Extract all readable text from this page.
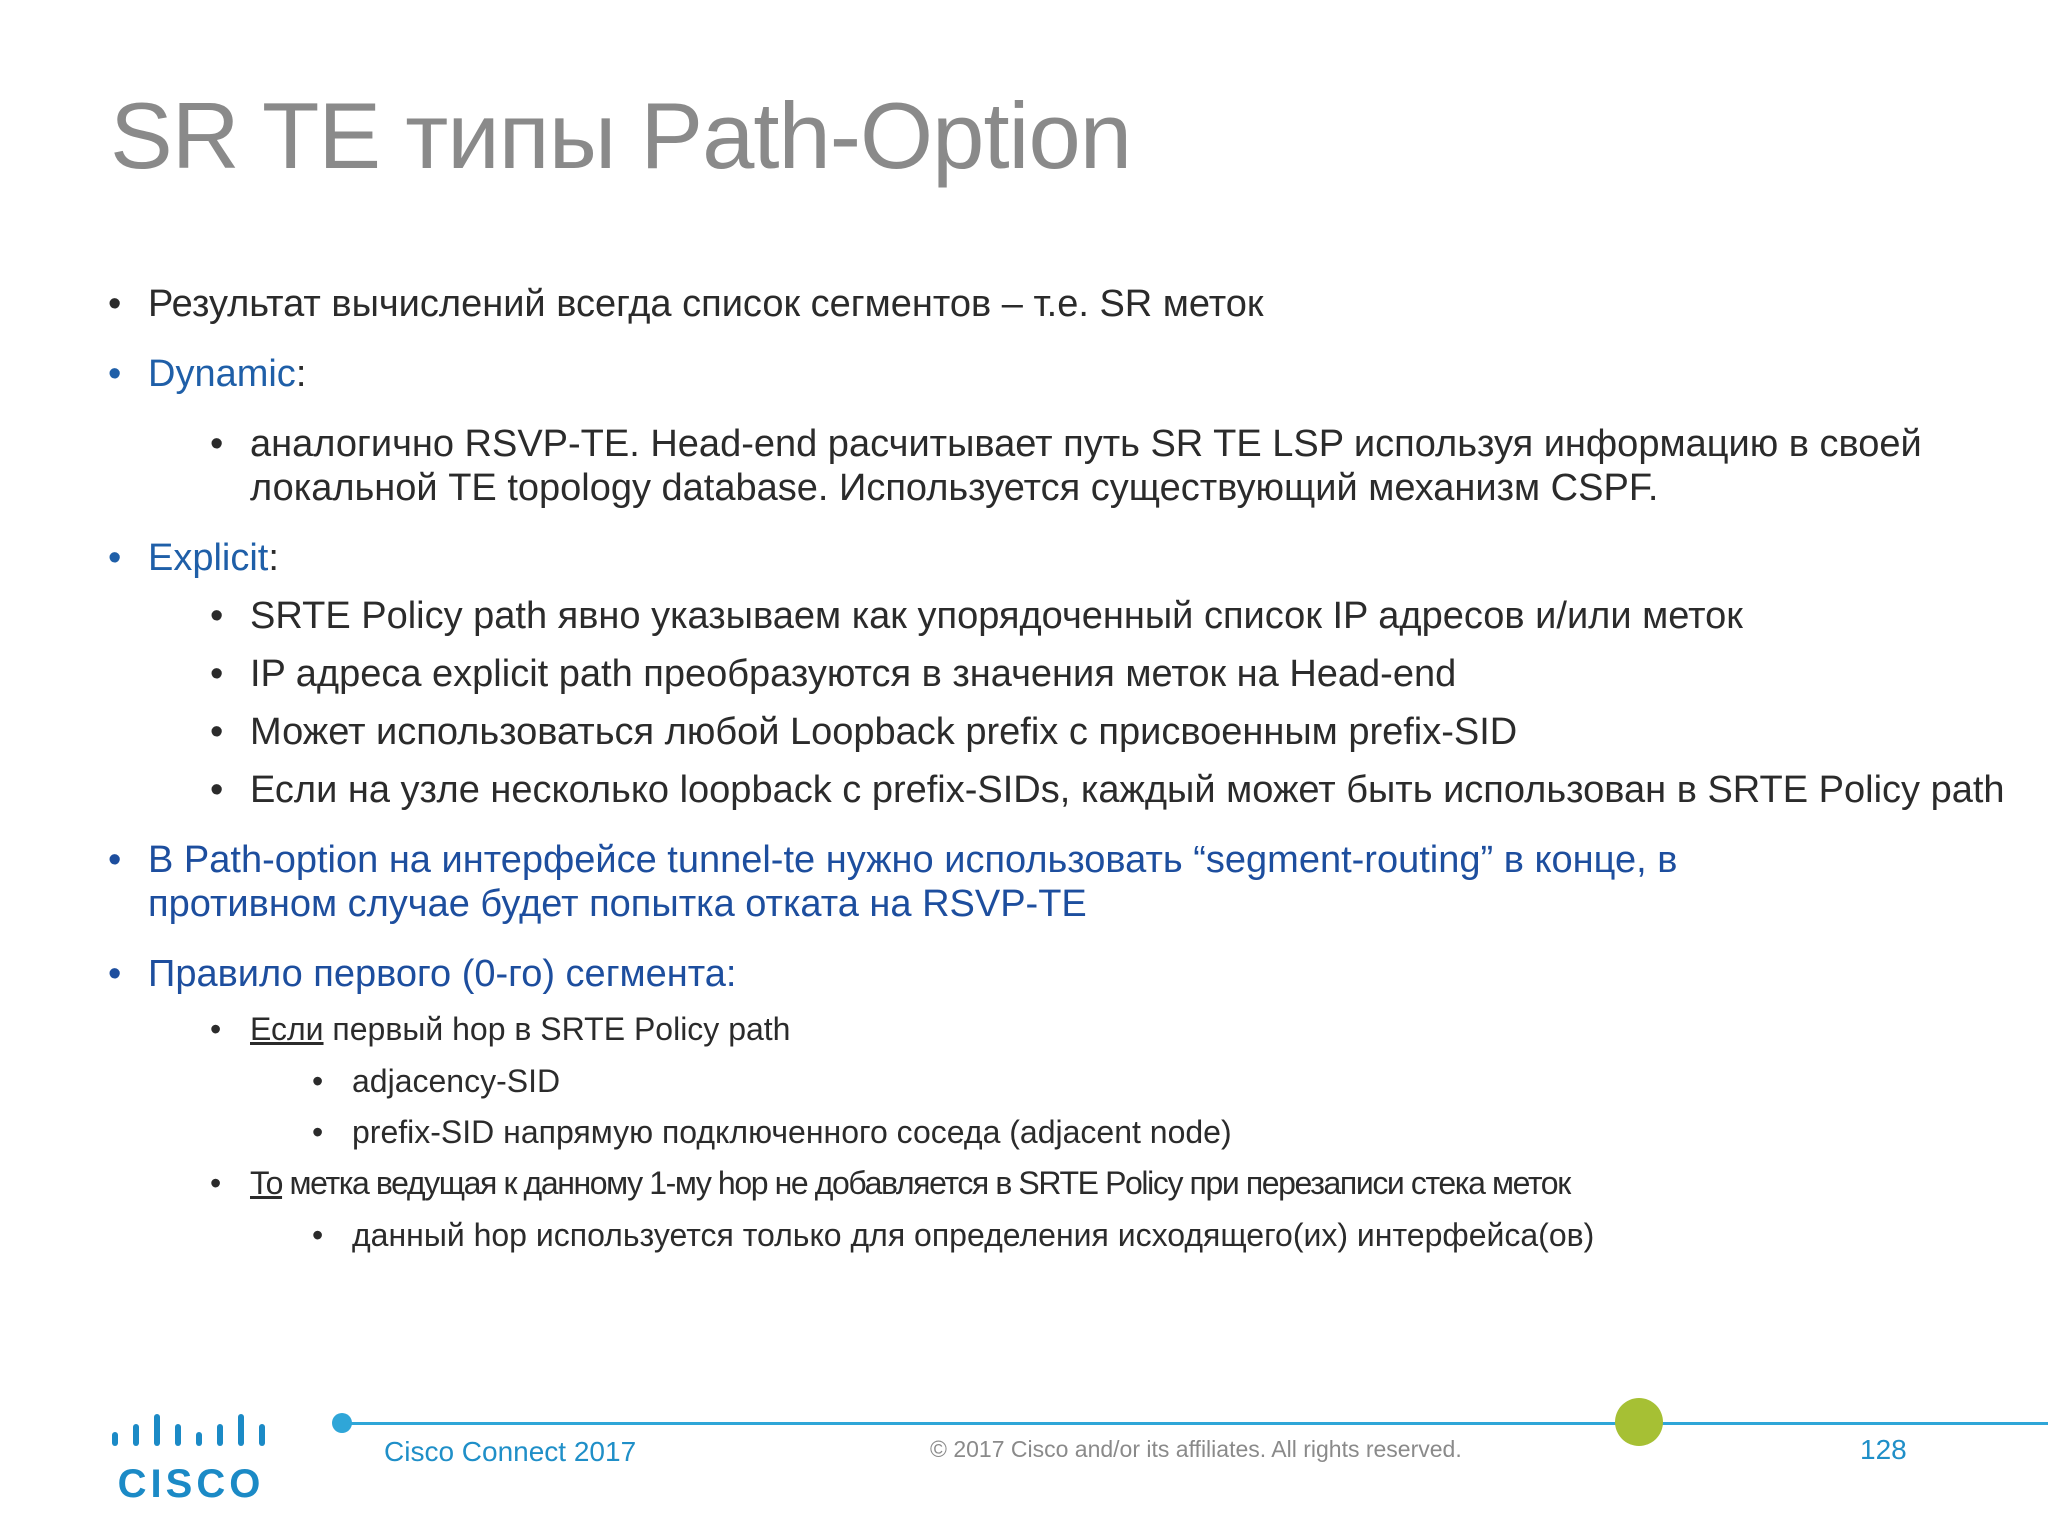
SR TE типы Path-Option
• Результат вычислений всегда список сегментов – т.е. SR меток
• Dynamic:
• аналогично RSVP-TE. Head-end расчитывает путь SR TE LSP используя информацию в своей локальной TE topology database. Используется существующий механизм CSPF.
• Explicit:
• SRTE Policy path явно указываем как упорядоченный список IP адресов и/или меток
• IP адреса explicit path преобразуются в значения меток на Head-end
• Может использоваться любой Loopback prefix с присвоенным prefix-SID
• Если на узле несколько loopback с prefix-SIDs, каждый может быть использован в SRTE Policy path
• В Path-option на интерфейсе tunnel-te нужно использовать “segment-routing” в конце, в противном случае будет попытка отката на RSVP-TE
• Правило первого (0-го) сегмента:
• Если первый hop в SRTE Policy path
• adjacency-SID
• prefix-SID напрямую подключенного соседа (adjacent node)
• То метка ведущая к данному 1-му hop не добавляется в SRTE Policy при перезаписи стека меток
• данный hop используется только для определения исходящего(их) интерфейса(ов)
CISCO
Cisco Connect 2017	© 2017 Cisco and/or its affiliates. All rights reserved.	128
